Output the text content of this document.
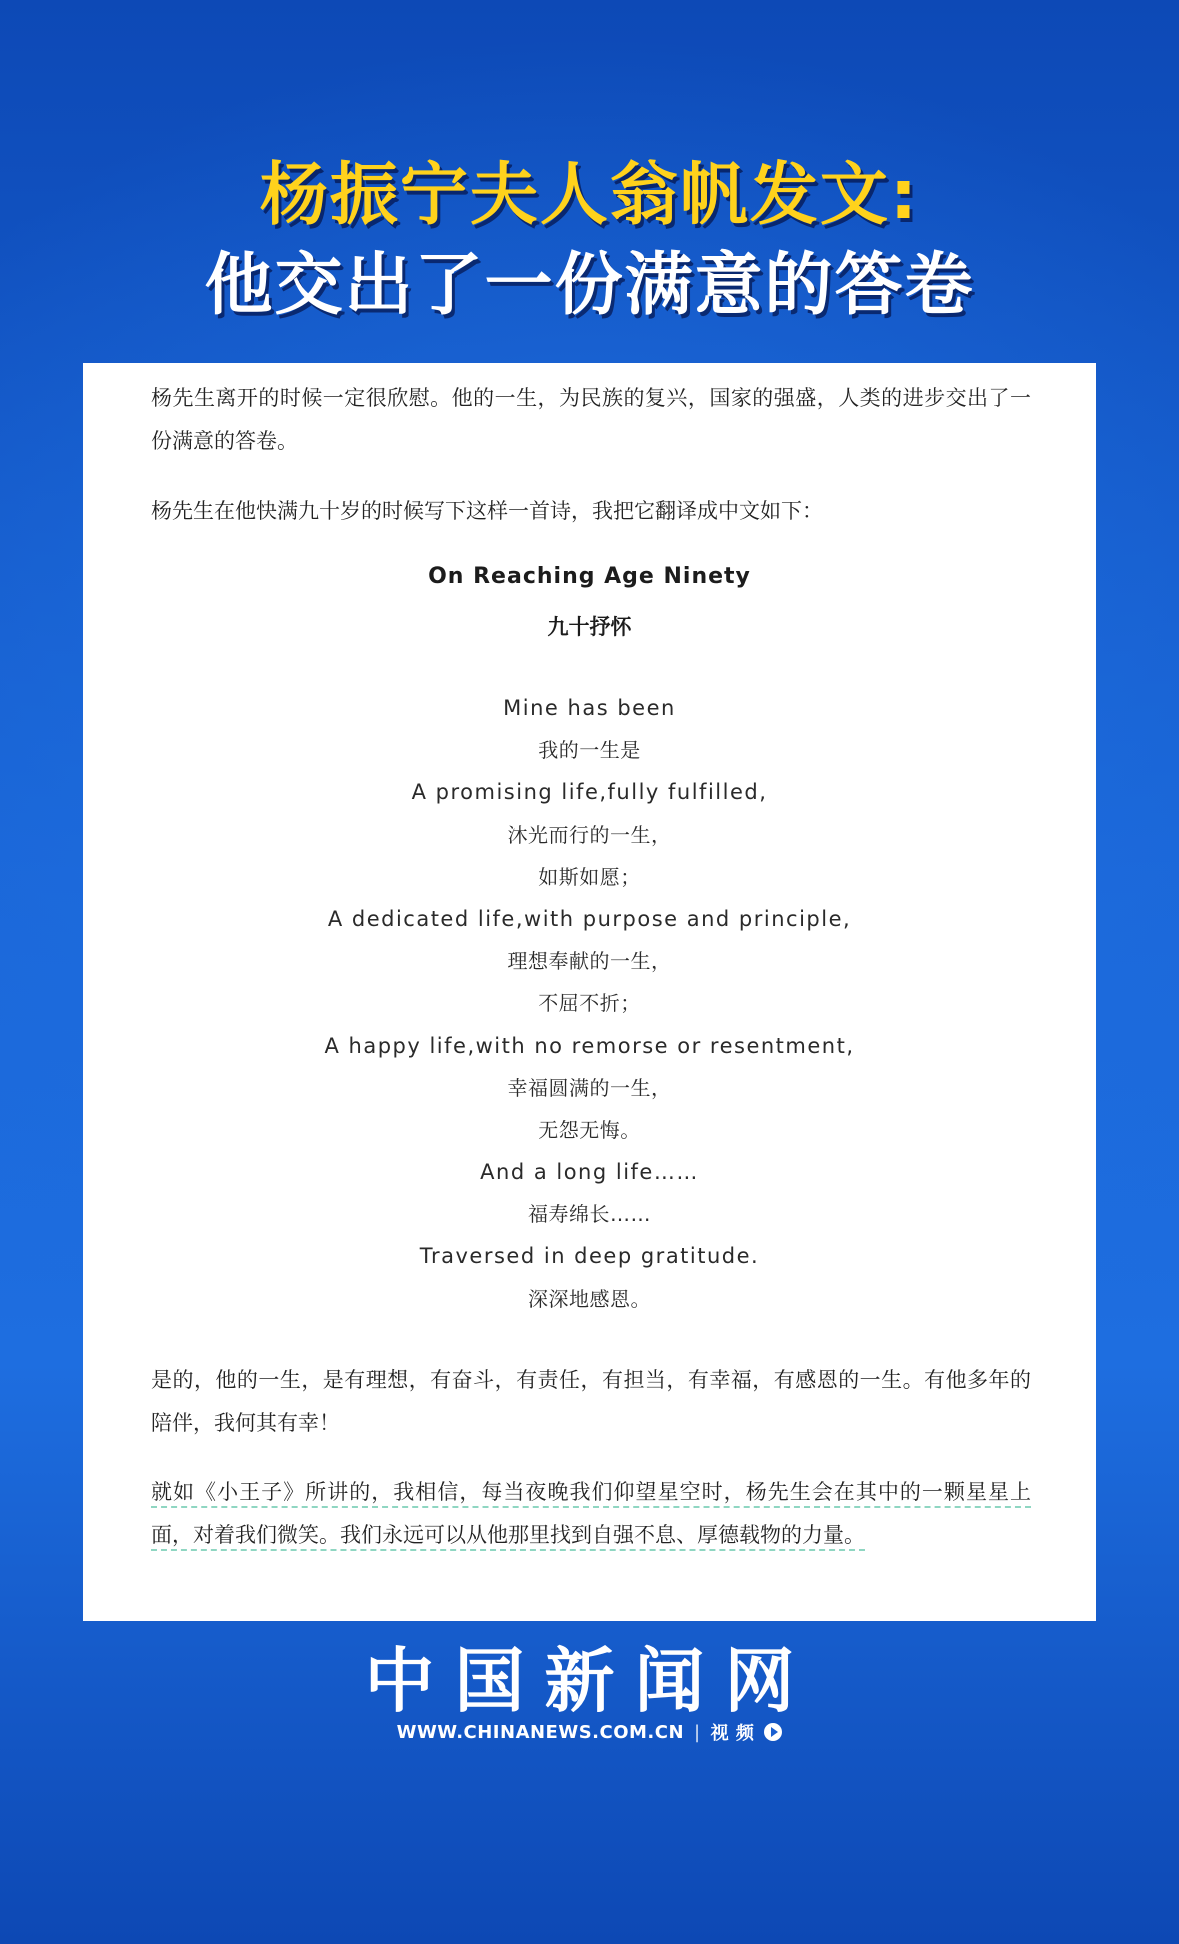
杨振宁夫人翁帆发文:
他交出了一份满意的答卷

杨先生离开的时候一定很欣慰。他的一生，为民族的复兴，国家的强盛，人类的进步交出了一份满意的答卷。

杨先生在他快满九十岁的时候写下这样一首诗，我把它翻译成中文如下：

On Reaching Age Ninety
九十抒怀
Mine has been
我的一生是
A promising life,fully fulfilled,
沐光而行的一生，
如斯如愿；
A dedicated life,with purpose and principle,
理想奉献的一生，
不屈不折；
A happy life,with no remorse or resentment,
幸福圆满的一生，
无怨无悔。
And a long life……
福寿绵长……
Traversed in deep gratitude.
深深地感恩。

是的，他的一生，是有理想，有奋斗，有责任，有担当，有幸福，有感恩的一生。有他多年的陪伴，我何其有幸！

就如《小王子》所讲的，我相信，每当夜晚我们仰望星空时，杨先生会在其中的一颗星星上面，对着我们微笑。我们永远可以从他那里找到自强不息、厚德载物的力量。

中国新闻网
WWW.CHINANEWS.COM.CN | 视 频
